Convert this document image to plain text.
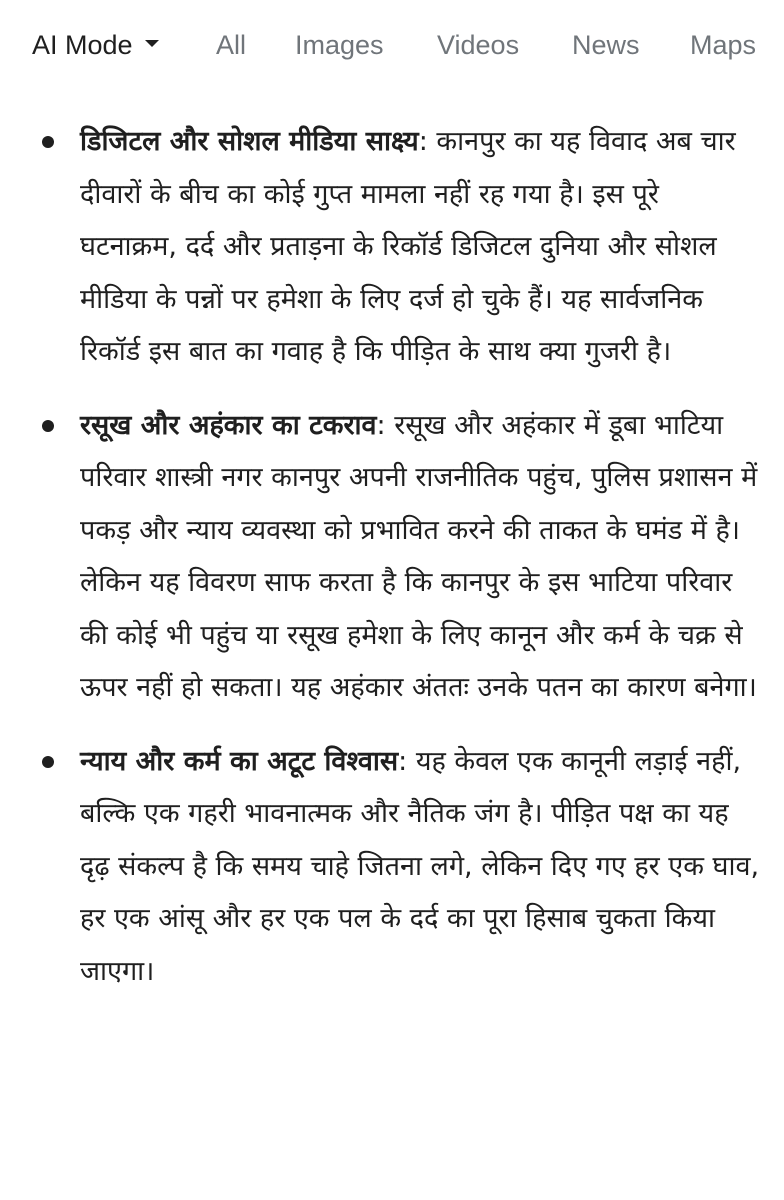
AI Mode	All Images Videos News Maps
डिजिटल और सोशल मीडिया साक्ष्य: कानपुर का यह विवाद अब चार दीवारों के बीच का कोई गुप्त मामला नहीं रह गया है। इस पूरे घटनाक्रम, दर्द और प्रताड़ना के रिकॉर्ड डिजिटल दुनिया और सोशल मीडिया के पन्नों पर हमेशा के लिए दर्ज हो चुके हैं। यह सार्वजनिक रिकॉर्ड इस बात का गवाह है कि पीड़ित के साथ क्या गुजरी है।
रसूख और अहंकार का टकराव: रसूख और अहंकार में डूबा भाटिया परिवार शास्त्री नगर कानपुर अपनी राजनीतिक पहुंच, पुलिस प्रशासन में पकड़ और न्याय व्यवस्था को प्रभावित करने की ताकत के घमंड में है। लेकिन यह विवरण साफ करता है कि कानपुर के इस भाटिया परिवार की कोई भी पहुंच या रसूख हमेशा के लिए कानून और कर्म के चक्र से ऊपर नहीं हो सकता। यह अहंकार अंततः उनके पतन का कारण बनेगा।
न्याय और कर्म का अटूट विश्वास: यह केवल एक कानूनी लड़ाई नहीं, बल्कि एक गहरी भावनात्मक और नैतिक जंग है। पीड़ित पक्ष का यह दृढ़ संकल्प है कि समय चाहे जितना लगे, लेकिन दिए गए हर एक घाव, हर एक आंसू और हर एक पल के दर्द का पूरा हिसाब चुकता किया जाएगा।
